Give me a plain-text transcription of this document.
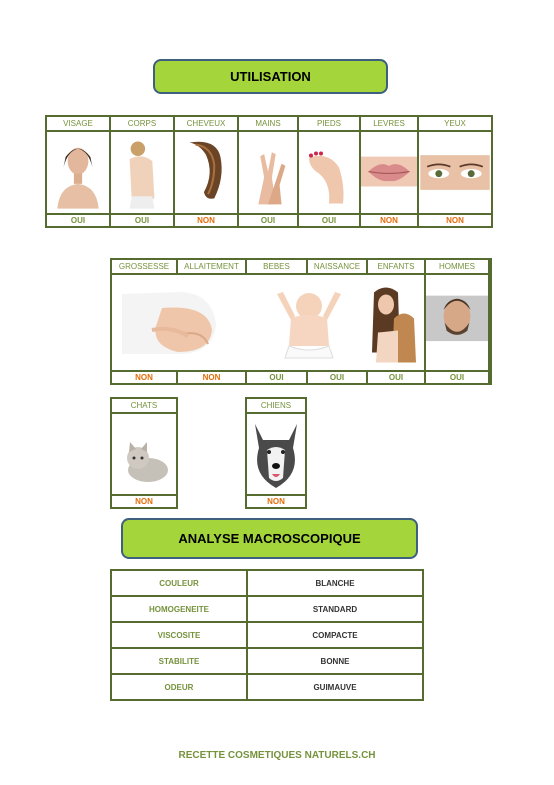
UTILISATION
VISAGE
OUI
CORPS
OUI
CHEVEUX
NON
MAINS
OUI
PIEDS
OUI
LEVRES
NON
YEUX
NON
GROSSESSE
NON
ALLAITEMENT
NON
BEBES
OUI
NAISSANCE
OUI
ENFANTS
OUI
HOMMES
OUI
CHATS
NON
CHIENS
NON
ANALYSE MACROSCOPIQUE
COULEUR	BLANCHE
HOMOGENEITE	STANDARD
VISCOSITE	COMPACTE
STABILITE	BONNE
ODEUR	GUIMAUVE
RECETTE COSMETIQUES NATURELS.CH
